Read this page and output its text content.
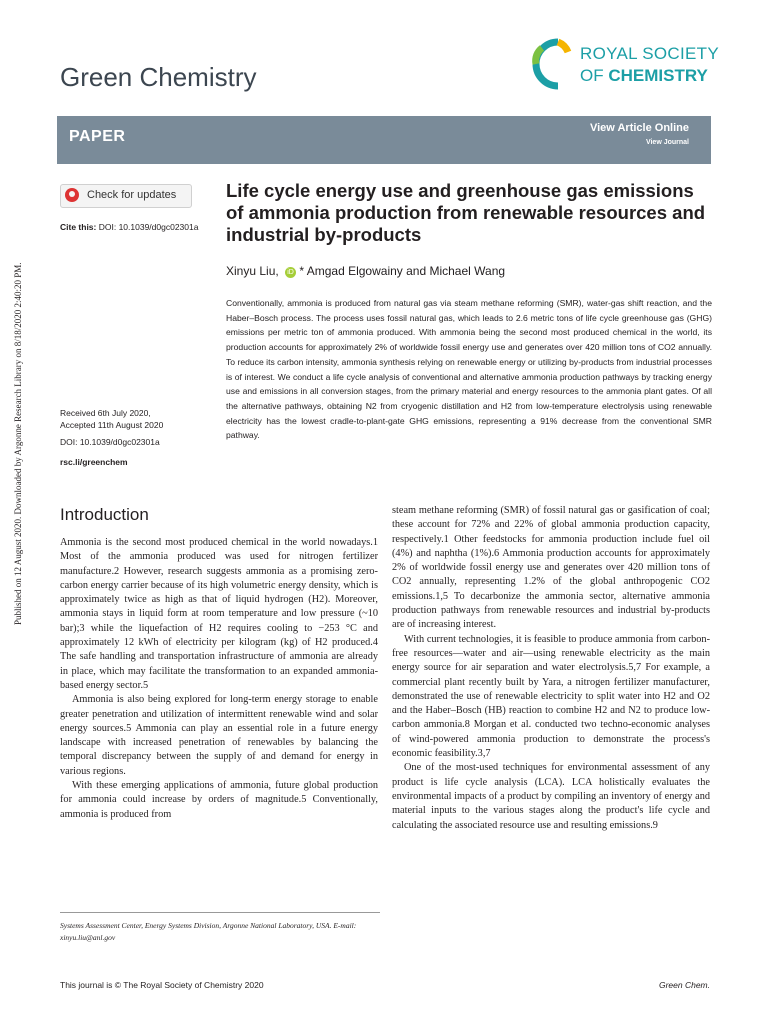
Green Chemistry
ROYAL SOCIETY
OF CHEMISTRY
PAPER	View Article Online
View Journal
Published on 12 August 2020. Downloaded by Argonne Research Library on 8/18/2020 2:40:20 PM.
Check for updates
Cite this: DOI: 10.1039/d0gc02301a
Received 6th July 2020,
Accepted 11th August 2020
DOI: 10.1039/d0gc02301a
rsc.li/greenchem
Life cycle energy use and greenhouse gas emissions of ammonia production from renewable resources and industrial by-products
Xinyu Liu, iD * Amgad Elgowainy and Michael Wang
Conventionally, ammonia is produced from natural gas via steam methane reforming (SMR), water-gas shift reaction, and the Haber–Bosch process. The process uses fossil natural gas, which leads to 2.6 metric tons of life cycle greenhouse gas (GHG) emissions per metric ton of ammonia produced. With ammonia being the second most produced chemical in the world, its production accounts for approximately 2% of worldwide fossil energy use and generates over 420 million tons of CO2 annually. To reduce its carbon intensity, ammonia synthesis relying on renewable energy or utilizing by-products from industrial processes is of interest. We conduct a life cycle analysis of conventional and alternative ammonia production pathways by tracking energy use and emissions in all conversion stages, from the primary material and energy resources to the ammonia plant gates. Of all the alternative pathways, obtaining N2 from cryogenic distillation and H2 from low-temperature electrolysis using renewable electricity has the lowest cradle-to-plant-gate GHG emissions, representing a 91% decrease from the conventional SMR pathway.
Introduction

Ammonia is the second most produced chemical in the world nowadays.1 Most of the ammonia produced was used for nitrogen fertilizer manufacture.2 However, research suggests ammonia as a promising zero-carbon energy carrier because of its high volumetric energy density, which is approximately twice as high as that of liquid hydrogen (H2). Moreover, ammonia stays in liquid form at room temperature and low pressure (~10 bar);3 while the liquefaction of H2 requires cooling to −253 °C and approximately 12 kWh of electricity per kilogram (kg) of H2 produced.4 The safe handling and transportation infrastructure of ammonia are already in place, which may facilitate the transformation to an expanded ammonia-based energy sector.5

Ammonia is also being explored for long-term energy storage to enable greater penetration and utilization of intermittent renewable wind and solar energy sources.5 Ammonia can play an essential role in a future energy landscape with increased penetration of renewables by balancing the temporal discrepancy between the supply of and demand for energy in various regions.

With these emerging applications of ammonia, future global production for ammonia could increase by orders of magnitude.5 Conventionally, ammonia is produced from

steam methane reforming (SMR) of fossil natural gas or gasification of coal; these account for 72% and 22% of global ammonia production capacity, respectively.1 Other feedstocks for ammonia production include fuel oil (4%) and naphtha (1%).6 Ammonia production accounts for approximately 2% of worldwide fossil energy use and generates over 420 million tons of CO2 annually, representing 1.2% of the global anthropogenic CO2 emissions.1,5 To decarbonize the ammonia sector, alternative ammonia production pathways from renewable resources and industrial by-products are of increasing interest.

With current technologies, it is feasible to produce ammonia from carbon-free resources—water and air—using renewable electricity as the main energy source for air separation and water electrolysis.5,7 For example, a commercial plant recently built by Yara, a nitrogen fertilizer manufacturer, demonstrated the use of renewable electricity to split water into H2 and O2 and the Haber–Bosch (HB) reaction to combine H2 and N2 to produce low-carbon ammonia.8 Morgan et al. conducted two techno-economic analyses of wind-powered ammonia production to demonstrate the process's economic feasibility.3,7

One of the most-used techniques for environmental assessment of any product is life cycle analysis (LCA). LCA holistically evaluates the environmental impacts of a product by compiling an inventory of energy and material inputs to the various stages along the product's life cycle and calculating the associated resource use and resulting emissions.9

Systems Assessment Center, Energy Systems Division, Argonne National Laboratory, USA. E-mail: xinyu.liu@anl.gov
This journal is © The Royal Society of Chemistry 2020	Green Chem.
